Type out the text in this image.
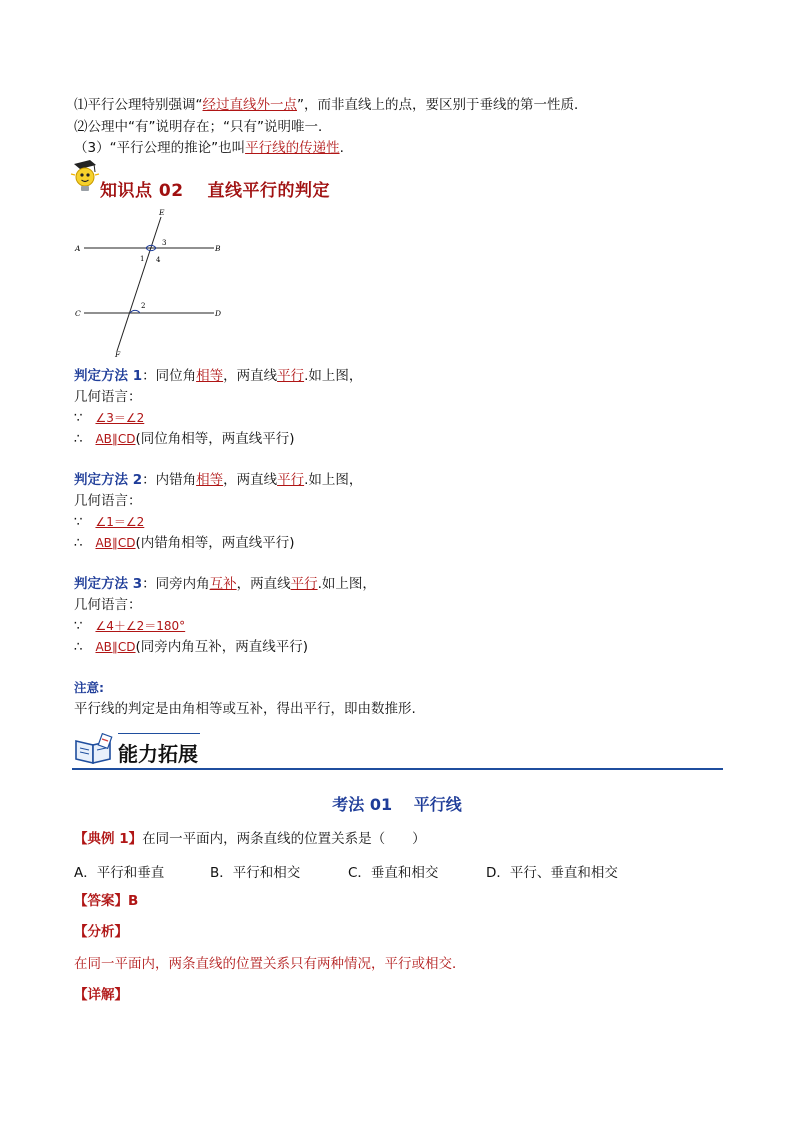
⑴平行公理特别强调“经过直线外一点”，而非直线上的点，要区别于垂线的第一性质．
⑵公理中“有”说明存在；“只有”说明唯一．
（3）“平行公理的推论”也叫平行线的传递性.
知识点 02　 直线平行的判定
A	B
C	D
E
F
1
2
3
4
判定方法 1：同位角相等，两直线平行.如上图，
几何语言：
∵ ∠3＝∠2
∴ AB∥CD(同位角相等，两直线平行)
判定方法 2：内错角相等，两直线平行.如上图，
几何语言：
∵ ∠1＝∠2
∴ AB∥CD(内错角相等，两直线平行)
判定方法 3：同旁内角互补，两直线平行.如上图，
几何语言：
∵ ∠4＋∠2＝180°
∴ AB∥CD(同旁内角互补，两直线平行)
注意:
平行线的判定是由角相等或互补，得出平行，即由数推形.
能力拓展
考法 01　 平行线
【典例 1】在同一平面内，两条直线的位置关系是（　　）
A．平行和垂直	B．平行和相交	C．垂直和相交	D．平行、垂直和相交
【答案】B
【分析】
在同一平面内，两条直线的位置关系只有两种情况，平行或相交．
【详解】
